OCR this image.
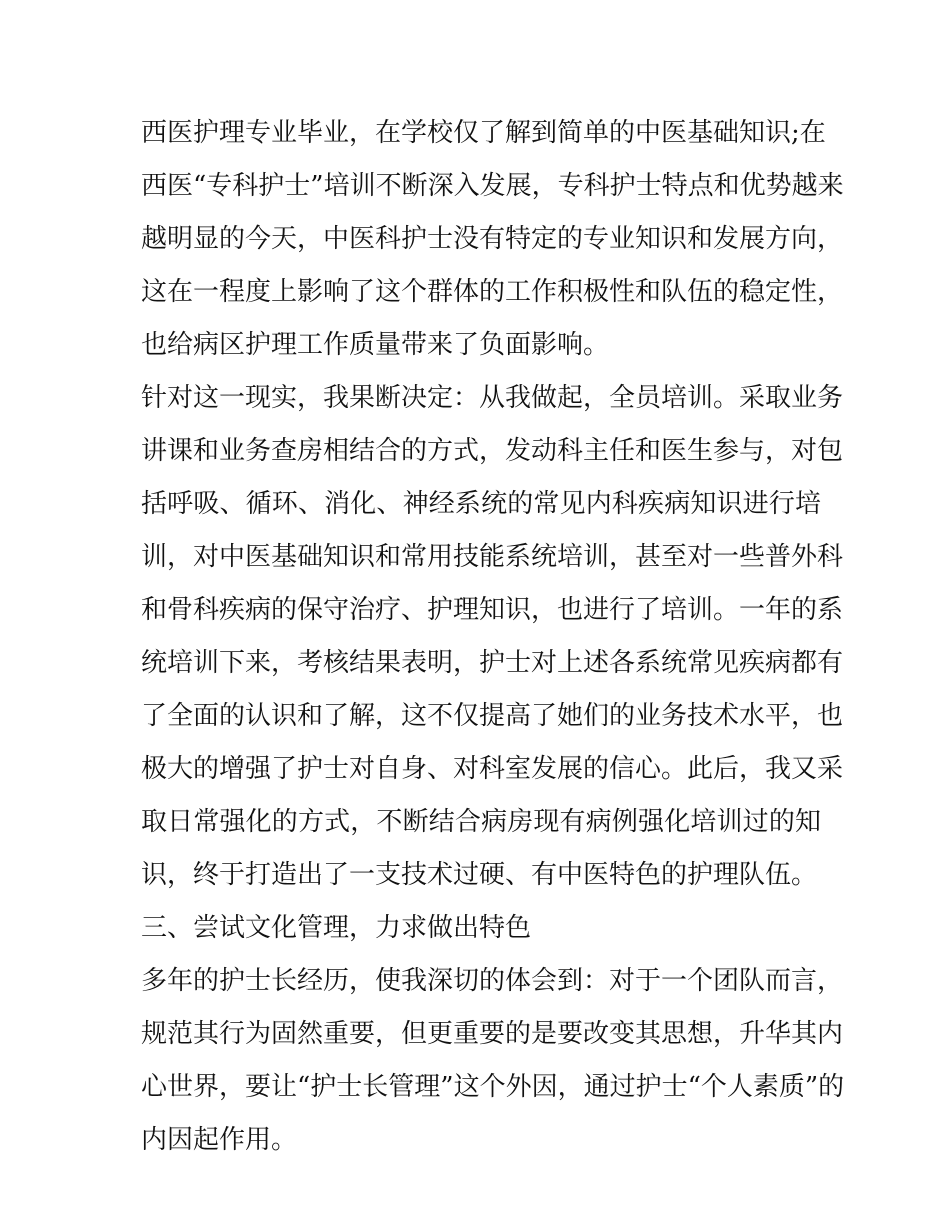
西医护理专业毕业，在学校仅了解到简单的中医基础知识;在
西医“专科护士”培训不断深入发展，专科护士特点和优势越来
越明显的今天，中医科护士没有特定的专业知识和发展方向，
这在一程度上影响了这个群体的工作积极性和队伍的稳定性，
也给病区护理工作质量带来了负面影响。
针对这一现实，我果断决定：从我做起，全员培训。采取业务
讲课和业务查房相结合的方式，发动科主任和医生参与，对包
括呼吸、循环、消化、神经系统的常见内科疾病知识进行培
训，对中医基础知识和常用技能系统培训，甚至对一些普外科
和骨科疾病的保守治疗、护理知识，也进行了培训。一年的系
统培训下来，考核结果表明，护士对上述各系统常见疾病都有
了全面的认识和了解，这不仅提高了她们的业务技术水平，也
极大的增强了护士对自身、对科室发展的信心。此后，我又采
取日常强化的方式，不断结合病房现有病例强化培训过的知
识，终于打造出了一支技术过硬、有中医特色的护理队伍。
三、尝试文化管理，力求做出特色
多年的护士长经历，使我深切的体会到：对于一个团队而言，
规范其行为固然重要，但更重要的是要改变其思想，升华其内
心世界，要让“护士长管理”这个外因，通过护士“个人素质”的
内因起作用。
